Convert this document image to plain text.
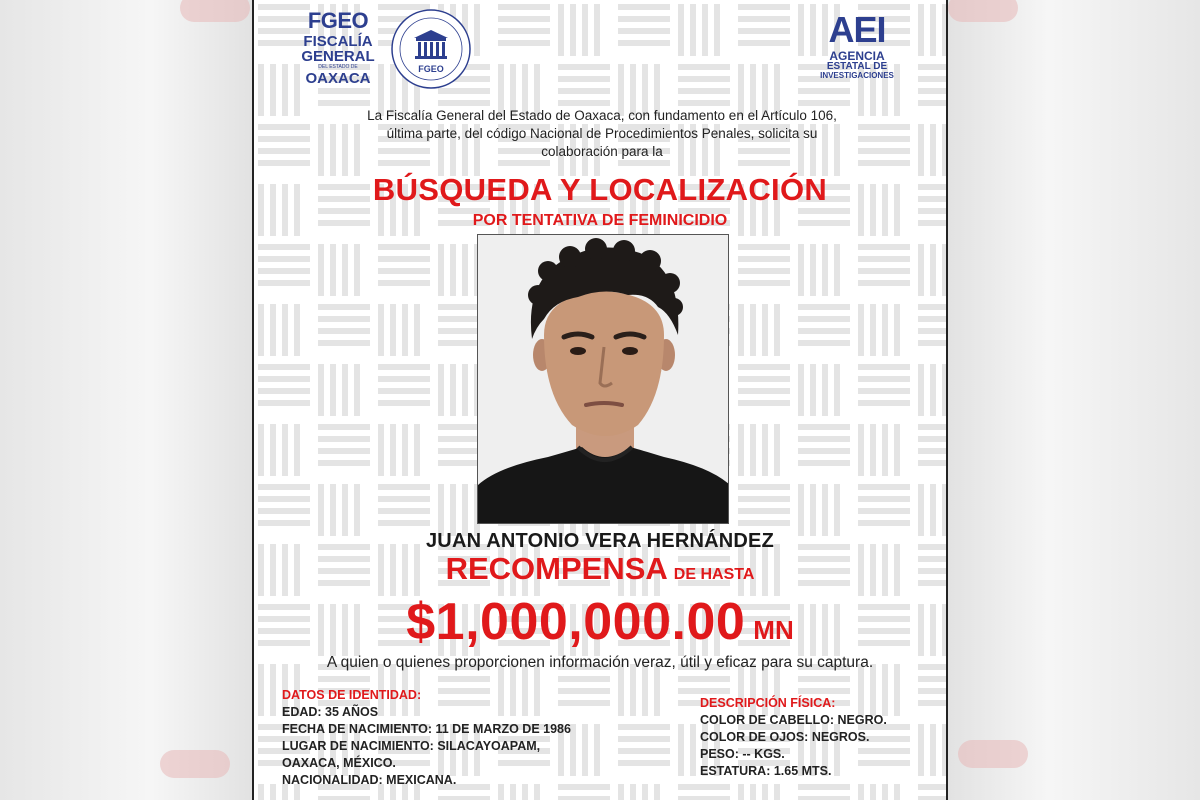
FGEO
FISCALÍA
GENERAL
DEL ESTADO DE
OAXACA
FGEO
AEI
AGENCIA
ESTATAL DE
INVESTIGACIONES
La Fiscalía General del Estado de Oaxaca, con fundamento en el Artículo 106,
última parte, del código Nacional de Procedimientos Penales, solicita su
colaboración para la
BÚSQUEDA Y LOCALIZACIÓN
POR TENTATIVA DE FEMINICIDIO
JUAN ANTONIO VERA HERNÁNDEZ
RECOMPENSA DE HASTA
$1,000,000.00 MN
A quien o quienes proporcionen información veraz, útil y eficaz para su captura.
DATOS DE IDENTIDAD:
EDAD: 35 AÑOS
FECHA DE NACIMIENTO: 11 DE MARZO DE 1986
LUGAR DE NACIMIENTO: SILACAYOAPAM,
OAXACA, MÉXICO.
NACIONALIDAD: MEXICANA.
DESCRIPCIÓN FÍSICA:
COLOR DE CABELLO: NEGRO.
COLOR DE OJOS: NEGROS.
PESO: -- KGS.
ESTATURA: 1.65 MTS.
